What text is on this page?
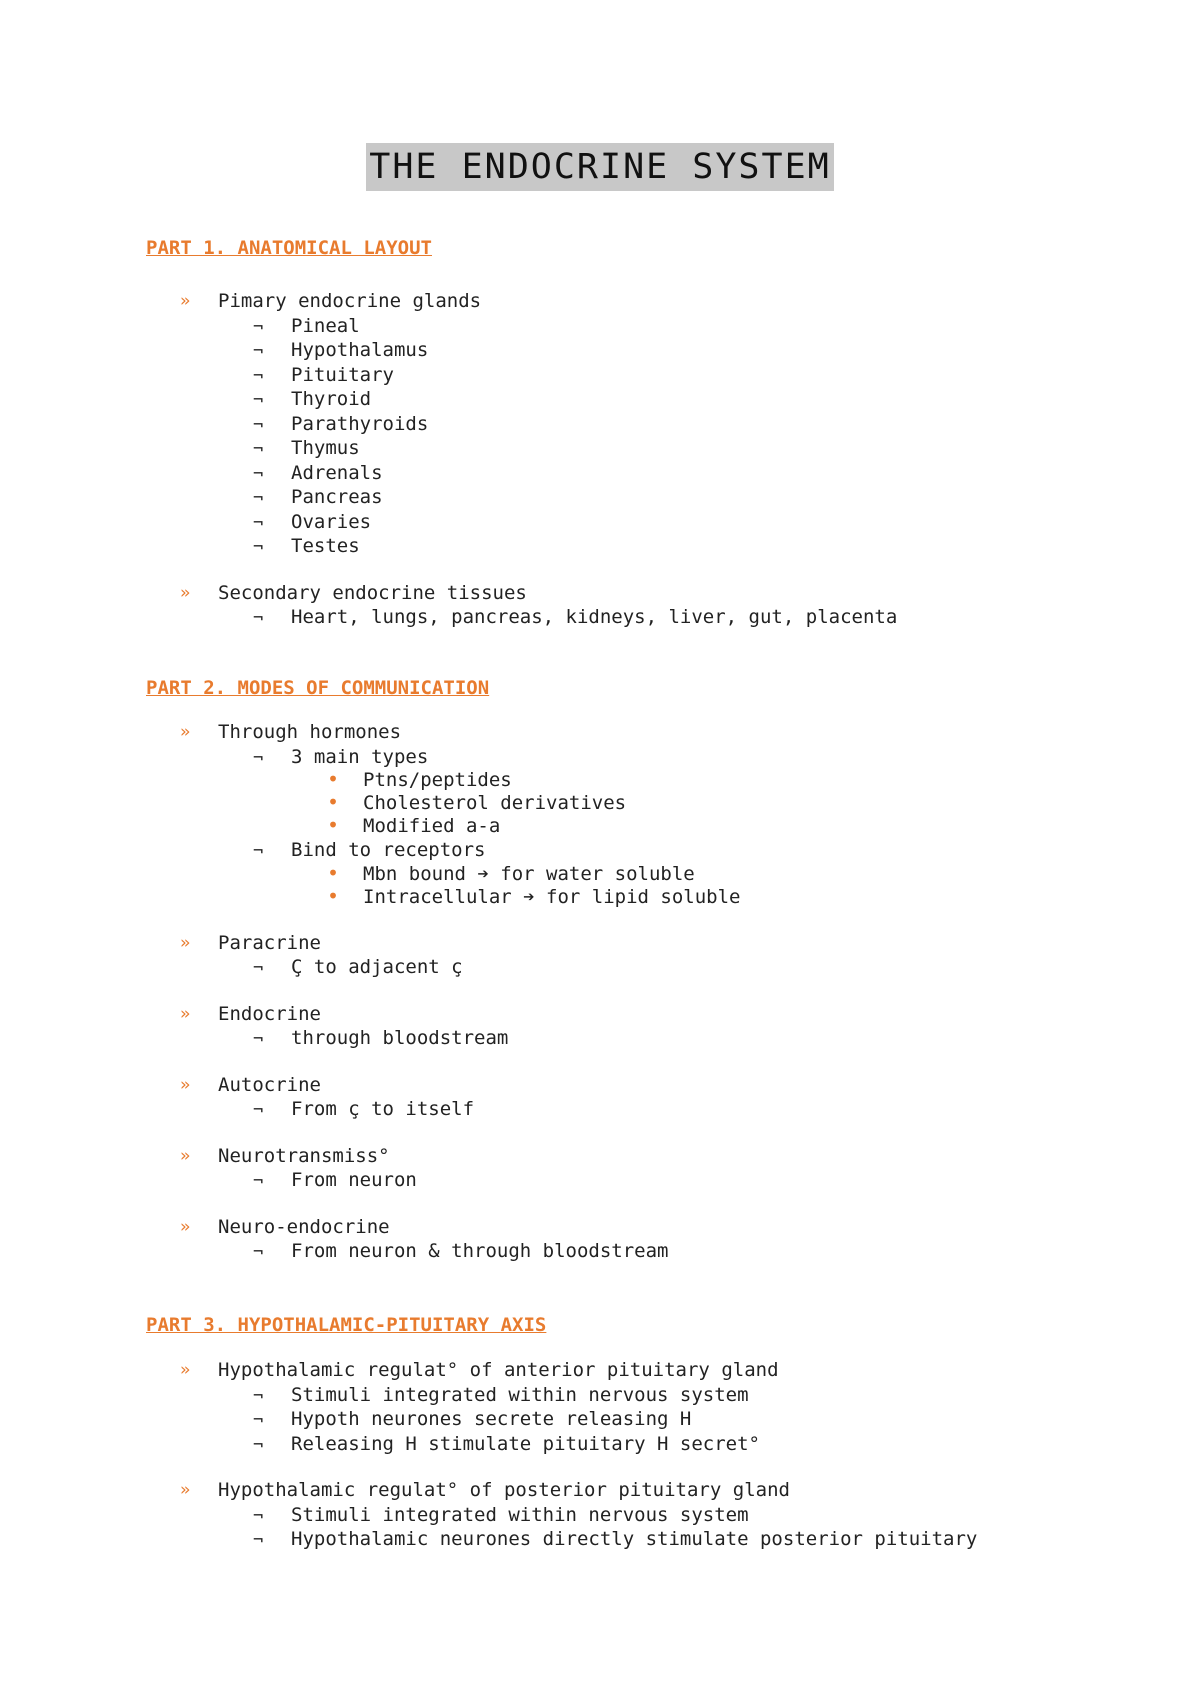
THE ENDOCRINE SYSTEM
PART 1. ANATOMICAL LAYOUT
» Pimary endocrine glands
¬ Pineal
¬ Hypothalamus
¬ Pituitary
¬ Thyroid
¬ Parathyroids
¬ Thymus
¬ Adrenals
¬ Pancreas
¬ Ovaries
¬ Testes
» Secondary endocrine tissues
¬ Heart, lungs, pancreas, kidneys, liver, gut, placenta
PART 2. MODES OF COMMUNICATION
» Through hormones
¬ 3 main types
• Ptns/peptides
• Cholesterol derivatives
• Modified a-a
¬ Bind to receptors
• Mbn bound ➔ for water soluble
• Intracellular ➔ for lipid soluble
» Paracrine
¬ Ç to adjacent ç
» Endocrine
¬ through bloodstream
» Autocrine
¬ From ç to itself
» Neurotransmiss°
¬ From neuron
» Neuro-endocrine
¬ From neuron & through bloodstream
PART 3. HYPOTHALAMIC-PITUITARY AXIS
» Hypothalamic regulat° of anterior pituitary gland
¬ Stimuli integrated within nervous system
¬ Hypoth neurones secrete releasing H
¬ Releasing H stimulate pituitary H secret°
» Hypothalamic regulat° of posterior pituitary gland
¬ Stimuli integrated within nervous system
¬ Hypothalamic neurones directly stimulate posterior pituitary
